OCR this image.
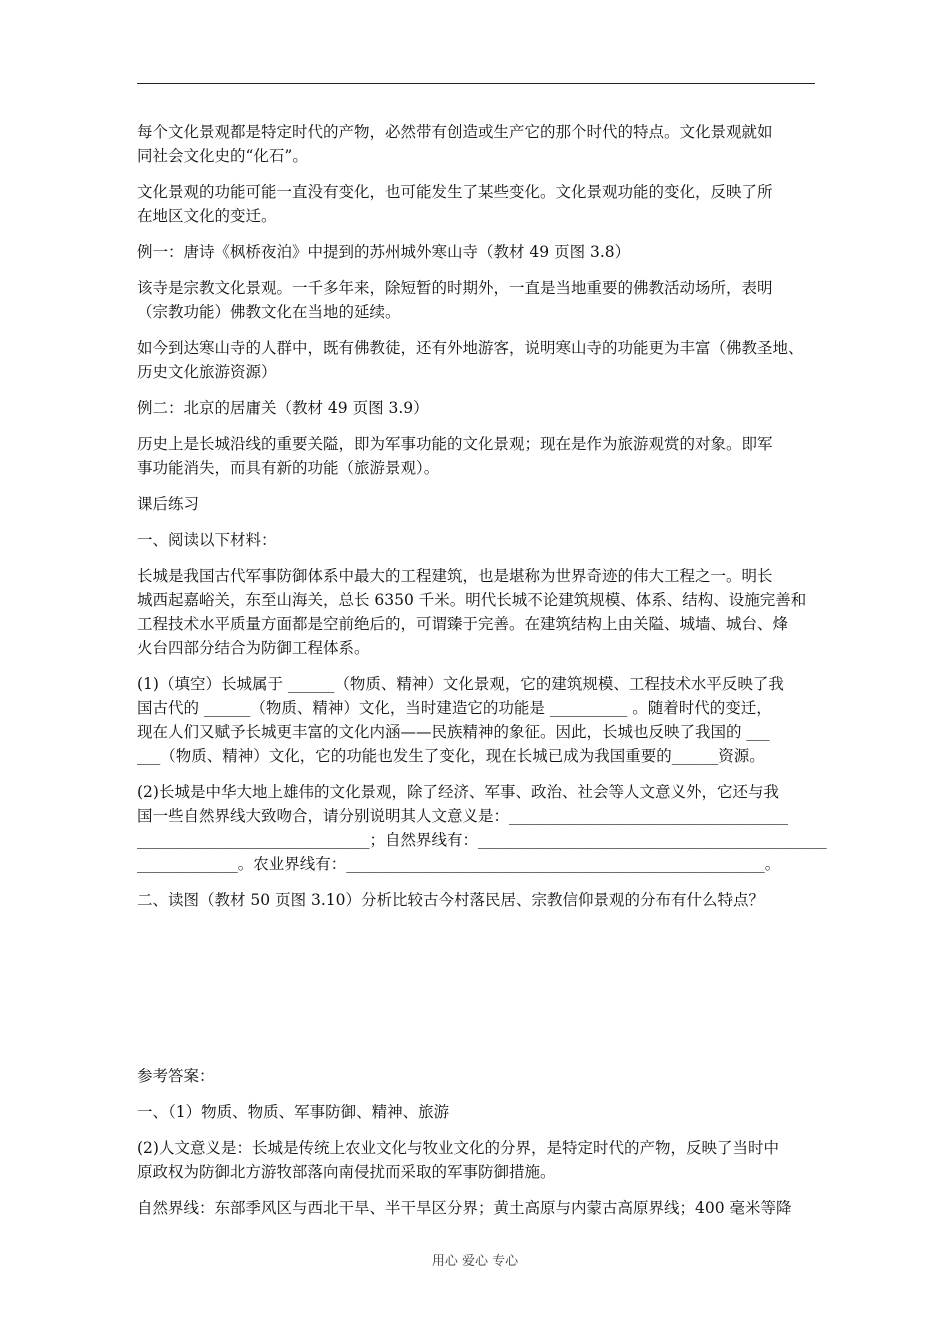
每个文化景观都是特定时代的产物，必然带有创造或生产它的那个时代的特点。文化景观就如

同社会文化史的“化石”。

文化景观的功能可能一直没有变化，也可能发生了某些变化。文化景观功能的变化，反映了所

在地区文化的变迁。

例一：唐诗《枫桥夜泊》中提到的苏州城外寒山寺（教材 49 页图 3.8）

该寺是宗教文化景观。一千多年来，除短暂的时期外，一直是当地重要的佛教活动场所，表明

（宗教功能）佛教文化在当地的延续。

如今到达寒山寺的人群中，既有佛教徒，还有外地游客，说明寒山寺的功能更为丰富（佛教圣地、

历史文化旅游资源）

例二：北京的居庸关（教材 49 页图 3.9）

历史上是长城沿线的重要关隘，即为军事功能的文化景观；现在是作为旅游观赏的对象。即军

事功能消失，而具有新的功能（旅游景观）。

课后练习

一、阅读以下材料：

长城是我国古代军事防御体系中最大的工程建筑，也是堪称为世界奇迹的伟大工程之一。明长

城西起嘉峪关，东至山海关，总长 6350 千米。明代长城不论建筑规模、体系、结构、设施完善和

工程技术水平质量方面都是空前绝后的，可谓臻于完善。在建筑结构上由关隘、城墙、城台、烽

火台四部分结合为防御工程体系。

(1)（填空）长城属于 ______（物质、精神）文化景观，它的建筑规模、工程技术水平反映了我

国古代的 ______（物质、精神）文化，当时建造它的功能是 __________ 。随着时代的变迁，

现在人们又赋予长城更丰富的文化内涵——民族精神的象征。因此，长城也反映了我国的 ___

___（物质、精神）文化，它的功能也发生了变化，现在长城已成为我国重要的______资源。

(2)长城是中华大地上雄伟的文化景观，除了经济、军事、政治、社会等人文意义外，它还与我

国一些自然界线大致吻合，请分别说明其人文意义是：____________________________________

______________________________；自然界线有：_____________________________________________

_____________。农业界线有：______________________________________________________。

二、读图（教材 50 页图 3.10）分析比较古今村落民居、宗教信仰景观的分布有什么特点？

参考答案：

一、（1）物质、物质、军事防御、精神、旅游

(2)人文意义是：长城是传统上农业文化与牧业文化的分界，是特定时代的产物，反映了当时中

原政权为防御北方游牧部落向南侵扰而采取的军事防御措施。

自然界线：东部季风区与西北干旱、半干旱区分界；黄土高原与内蒙古高原界线；400 毫米等降

用心 爱心 专心
